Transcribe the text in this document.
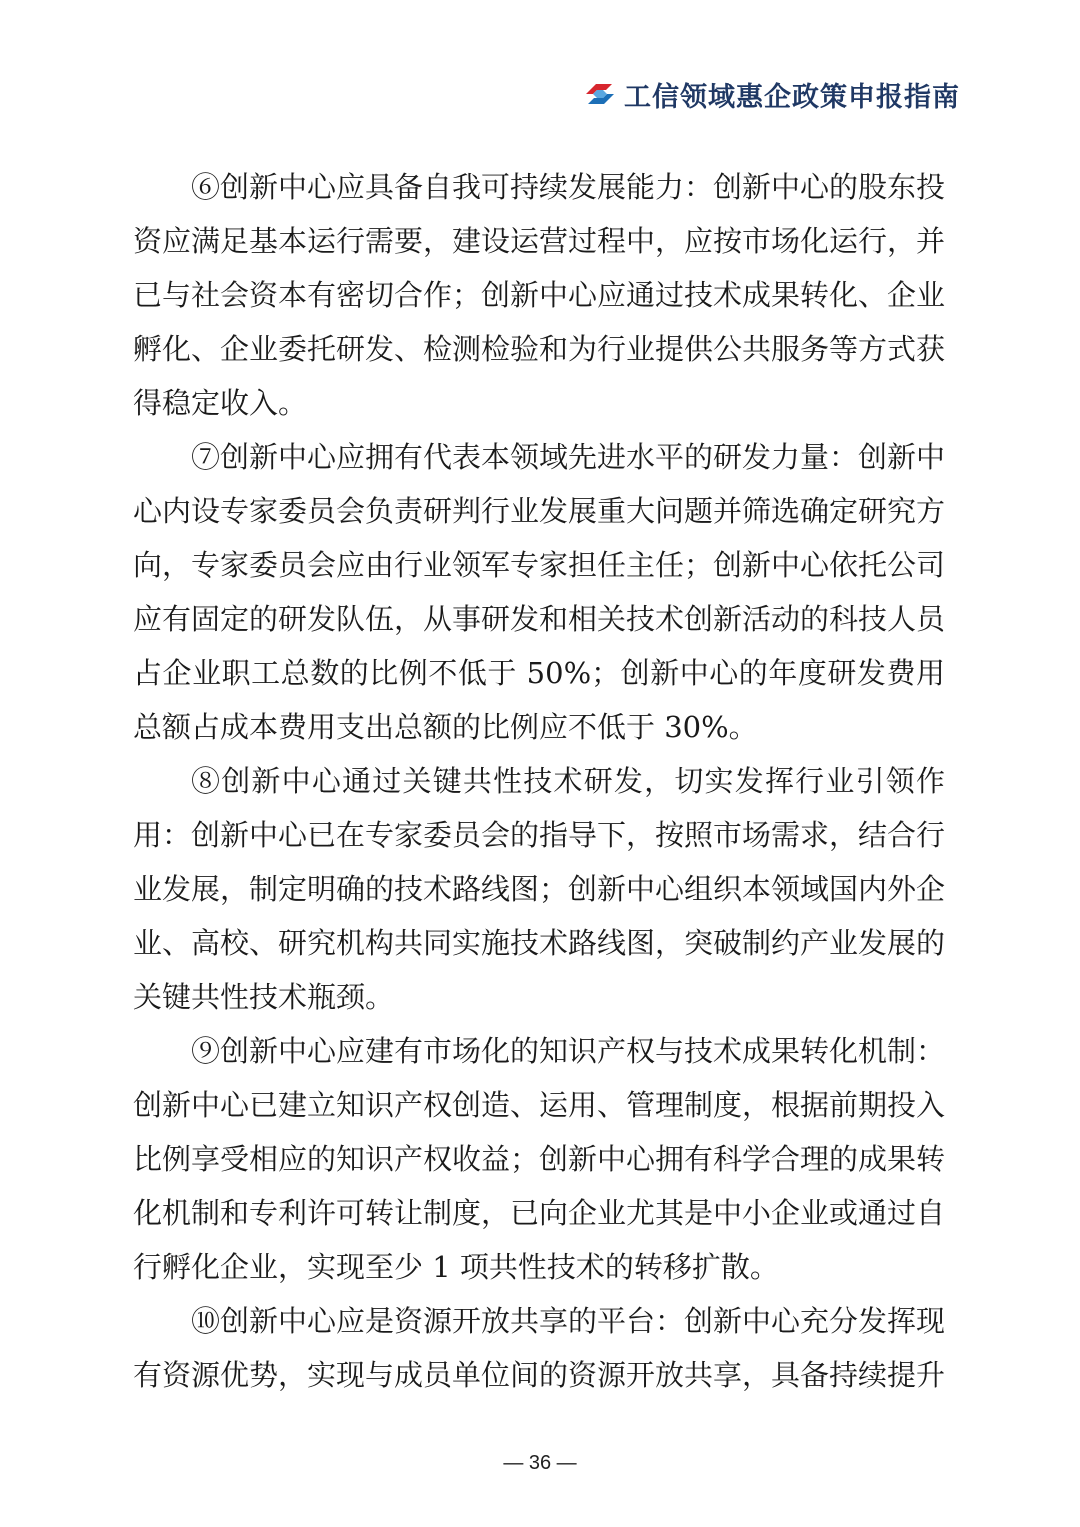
工信领域惠企政策申报指南

⑥创新中心应具备自我可持续发展能力：创新中心的股东投资应满足基本运行需要，建设运营过程中，应按市场化运行，并已与社会资本有密切合作；创新中心应通过技术成果转化、企业孵化、企业委托研发、检测检验和为行业提供公共服务等方式获得稳定收入。

⑦创新中心应拥有代表本领域先进水平的研发力量：创新中心内设专家委员会负责研判行业发展重大问题并筛选确定研究方向，专家委员会应由行业领军专家担任主任；创新中心依托公司应有固定的研发队伍，从事研发和相关技术创新活动的科技人员占企业职工总数的比例不低于 50%；创新中心的年度研发费用总额占成本费用支出总额的比例应不低于 30%。

⑧创新中心通过关键共性技术研发，切实发挥行业引领作用：创新中心已在专家委员会的指导下，按照市场需求，结合行业发展，制定明确的技术路线图；创新中心组织本领域国内外企业、高校、研究机构共同实施技术路线图，突破制约产业发展的关键共性技术瓶颈。

⑨创新中心应建有市场化的知识产权与技术成果转化机制：创新中心已建立知识产权创造、运用、管理制度，根据前期投入比例享受相应的知识产权收益；创新中心拥有科学合理的成果转化机制和专利许可转让制度，已向企业尤其是中小企业或通过自行孵化企业，实现至少 1 项共性技术的转移扩散。

⑩创新中心应是资源开放共享的平台：创新中心充分发挥现有资源优势，实现与成员单位间的资源开放共享，具备持续提升

— 36 —
